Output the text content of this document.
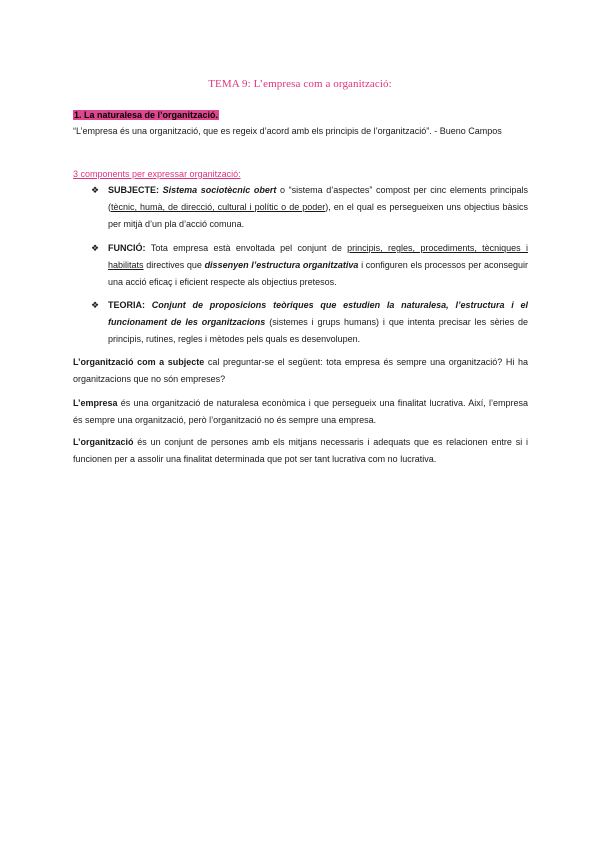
TEMA 9: L’empresa com a organització:
1. La naturalesa de l’organització.
“L’empresa és una organització, que es regeix d’acord amb els principis de l’organització”. - Bueno Campos
3 components per expressar organització:
❖ SUBJECTE: Sistema sociotècnic obert o “sistema d’aspectes” compost per cinc elements principals (tècnic, humà, de direcció, cultural i polític o de poder), en el qual es persegueixen uns objectius bàsics per mitjà d’un pla d’acció comuna.
❖ FUNCIÓ: Tota empresa està envoltada pel conjunt de principis, regles, procediments, tècniques i habilitats directives que dissenyen l’estructura organitzativa i configuren els processos per aconseguir una acció eficaç i eficient respecte als objectius pretesos.
❖ TEORIA: Conjunt de proposicions teòriques que estudien la naturalesa, l’estructura i el funcionament de les organitzacions (sistemes i grups humans) i que intenta precisar les sèries de principis, rutines, regles i mètodes pels quals es desenvolupen.
L’organització com a subjecte cal preguntar-se el següent: tota empresa és sempre una organització? Hi ha organitzacions que no són empreses?
L’empresa és una organització de naturalesa econòmica i que persegueix una finalitat lucrativa. Així, l’empresa és sempre una organització, però l’organització no és sempre una empresa.
L’organització és un conjunt de persones amb els mitjans necessaris i adequats que es relacionen entre si i funcionen per a assolir una finalitat determinada que pot ser tant lucrativa com no lucrativa.
